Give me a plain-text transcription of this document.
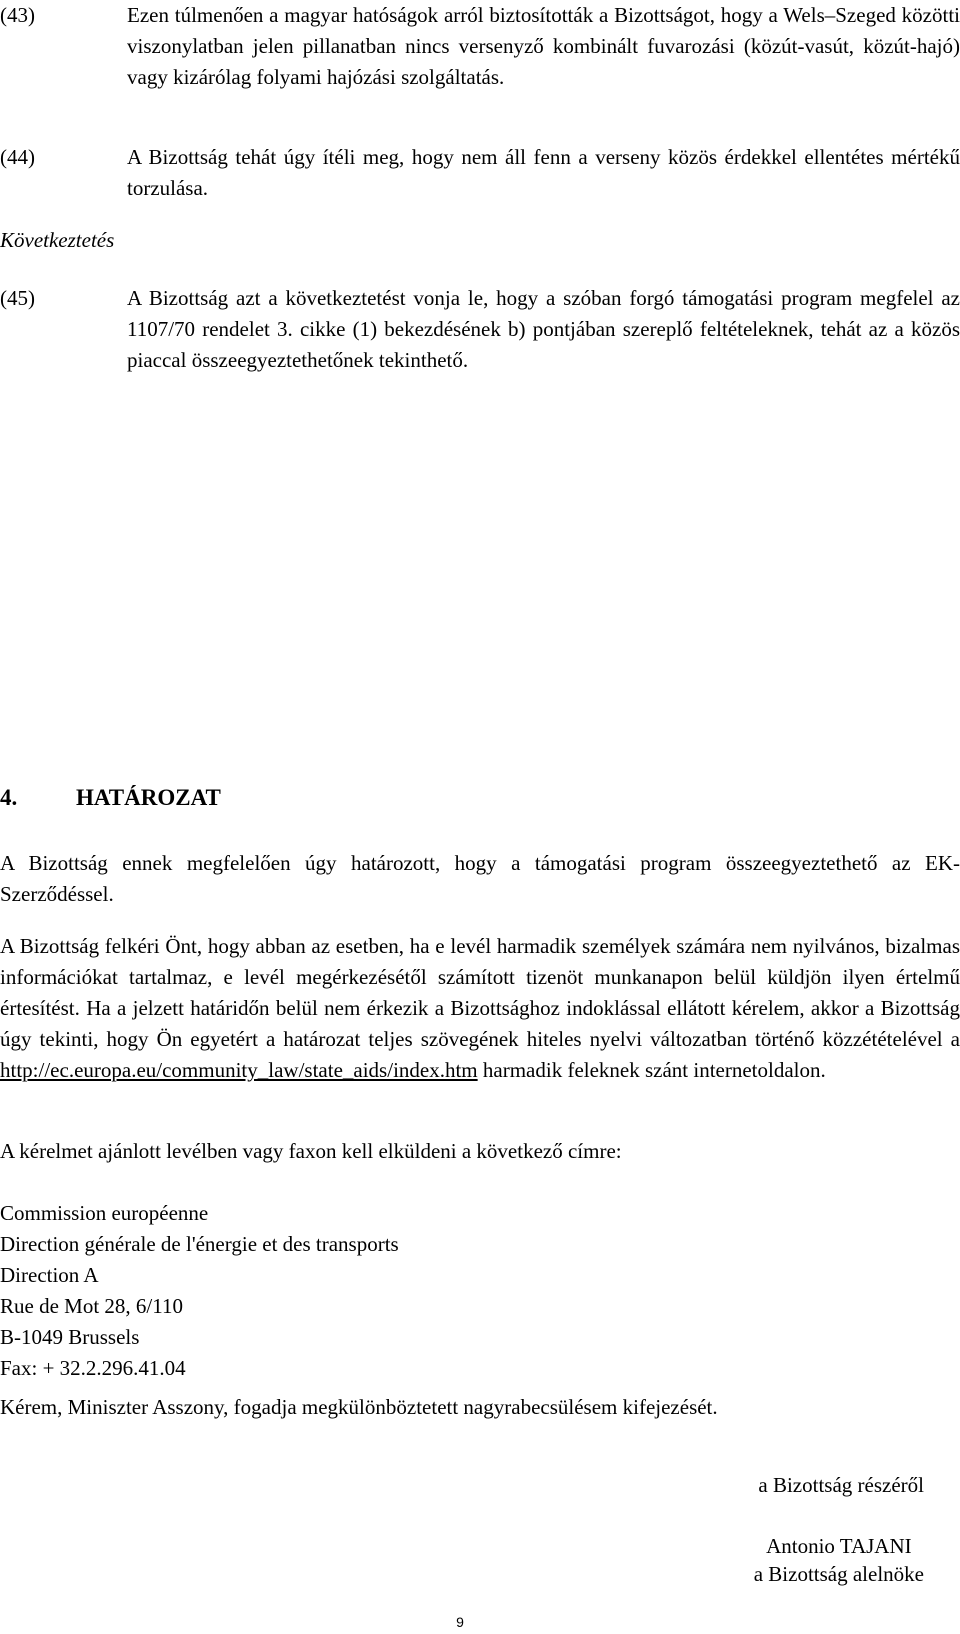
(43)	Ezen túlmenően a magyar hatóságok arról biztosították a Bizottságot, hogy a Wels–Szeged közötti viszonylatban jelen pillanatban nincs versenyző kombinált fuvarozási (közút-vasút, közút-hajó) vagy kizárólag folyami hajózási szolgáltatás.
(44)	A Bizottság tehát úgy ítéli meg, hogy nem áll fenn a verseny közös érdekkel ellentétes mértékű torzulása.
Következtetés
(45)	A Bizottság azt a következtetést vonja le, hogy a szóban forgó támogatási program megfelel az 1107/70 rendelet 3. cikke (1) bekezdésének b) pontjában szereplő feltételeknek, tehát az a közös piaccal összeegyeztethetőnek tekinthető.
4.	HATÁROZAT
A Bizottság ennek megfelelően úgy határozott, hogy a támogatási program összeegyeztethető az EK-Szerződéssel.
A Bizottság felkéri Önt, hogy abban az esetben, ha e levél harmadik személyek számára nem nyilvános, bizalmas információkat tartalmaz, e levél megérkezésétől számított tizenöt munkanapon belül küldjön ilyen értelmű értesítést. Ha a jelzett határidőn belül nem érkezik a Bizottsághoz indoklással ellátott kérelem, akkor a Bizottság úgy tekinti, hogy Ön egyetért a határozat teljes szövegének hiteles nyelvi változatban történő közzétételével a http://ec.europa.eu/community_law/state_aids/index.htm harmadik feleknek szánt internetoldalon.
A kérelmet ajánlott levélben vagy faxon kell elküldeni a következő címre:
Commission européenne
Direction générale de l'énergie et des transports
Direction A
Rue de Mot 28, 6/110
B-1049 Brussels
Fax: + 32.2.296.41.04
Kérem, Miniszter Asszony, fogadja megkülönböztetett nagyrabecsülésem kifejezését.
a Bizottság részéről
9
Antonio TAJANI
a Bizottság alelnöke
